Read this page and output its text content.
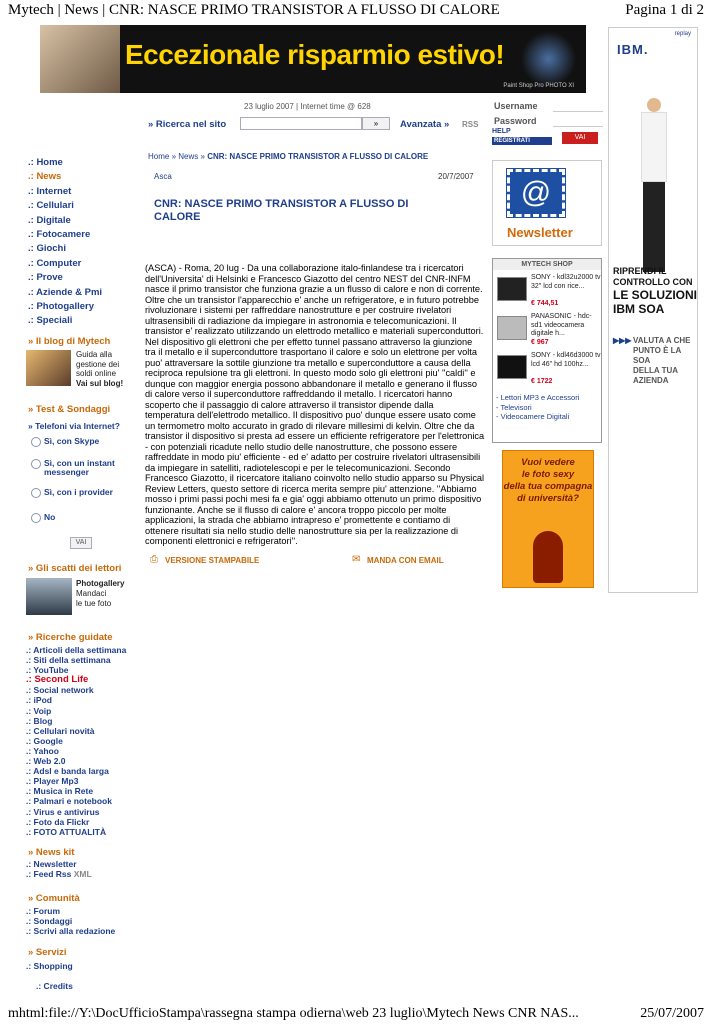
Mytech | News | CNR: NASCE PRIMO TRANSISTOR A FLUSSO DI CALORE	Pagina 1 di 2
Eccezionale risparmio estivo!
Paint Shop Pro PHOTO XI
replay
IBM.
RIPRENDI IL
CONTROLLO CON
LE SOLUZIONI
IBM SOA
▶▶▶ VALUTA A CHE
PUNTO È LA SOA
DELLA TUA
AZIENDA
23 luglio 2007 | Internet time @ 628
» Ricerca nel sito	»	Avanzata » RSS
Username
Password
HELP
REGISTRATI	VAI
Home » News » CNR: NASCE PRIMO TRANSISTOR A FLUSSO DI CALORE
Asca	20/7/2007
CNR: NASCE PRIMO TRANSISTOR A FLUSSO DI CALORE
(ASCA) - Roma, 20 lug - Da una collaborazione italo-finlandese tra i ricercatori dell'Universita' di Helsinki e Francesco Giazotto del centro NEST del CNR-INFM nasce il primo transistor che funziona grazie a un flusso di calore e non di corrente. Oltre che un transistor l'apparecchio e' anche un refrigeratore, e in futuro potrebbe rivoluzionare i sistemi per raffreddare nanostrutture e per costruire rivelatori ultrasensibili di radiazione da impiegare in astronomia e telecomunicazioni. Il transistor e' realizzato utilizzando un elettrodo metallico e materiali superconduttori. Nel dispositivo gli elettroni che per effetto tunnel passano attraverso la giunzione tra il metallo e il superconduttore trasportano il calore e solo un elettrone per volta puo' attraversare la sottile giunzione tra metallo e superconduttore a causa della reciproca repulsione tra gli elettroni. In questo modo solo gli elettroni piu' ''caldi'' e dunque con maggior energia possono abbandonare il metallo e generano il flusso di calore verso il superconduttore raffreddando il metallo. I ricercatori hanno scoperto che il passaggio di calore attraverso il transistor dipende dalla temperatura dell'elettrodo metallico. Il dispositivo puo' dunque essere usato come un termometro molto accurato in grado di rilevare millesimi di kelvin. Oltre che da transistor il dispositivo si presta ad essere un efficiente refrigeratore per l'elettronica - con potenziali ricadute nello studio delle nanostrutture, che possono essere raffreddate in modo piu' efficiente - ed e' adatto per costruire rivelatori ultrasensibili da impiegare in satelliti, radiotelescopi e per le telecomunicazioni. Secondo Francesco Giazotto, il ricercatore italiano coinvolto nello studio apparso su Physical Review Letters, questo settore di ricerca merita sempre piu' attenzione. ''Abbiamo mosso i primi passi pochi mesi fa e gia' oggi abbiamo ottenuto un primo dispositivo funzionante. Anche se il flusso di calore e' ancora troppo piccolo per molte applicazioni, la strada che abbiamo intrapreso e' promettente e contiamo di ottenere risultati sia nello studio delle nanostrutture sia per la realizzazione di componenti elettronici e refrigeratori''.
⎙ VERSIONE STAMPABILE	✉ MANDA CON EMAIL
.: Home
.: News
.: Internet
.: Cellulari
.: Digitale
.: Fotocamere
.: Giochi
.: Computer
.: Prove
.: Aziende & Pmi
.: Photogallery
.: Speciali
» Il blog di Mytech
Guida alla
gestione dei
soldi online
Vai sul blog!
» Test & Sondaggi
» Telefoni via Internet?
Sì, con Skype
Sì, con un instant messenger
Sì, con i provider
No
VAI
» Gli scatti dei lettori
Photogallery
Mandaci
le tue foto
» Ricerche guidate
.: Articoli della settimana
.: Siti della settimana
.: YouTube
.: Second Life
.: Social network
.: iPod
.: Voip
.: Blog
.: Cellulari novità
.: Google
.: Yahoo
.: Web 2.0
.: Adsl e banda larga
.: Player Mp3
.: Musica in Rete
.: Palmari e notebook
.: Virus e antivirus
.: Foto da Flickr
.: FOTO ATTUALITÀ
» News kit
.: Newsletter
.: Feed Rss XML
» Comunità
.: Forum
.: Sondaggi
.: Scrivi alla redazione
» Servizi
.: Shopping
.: Credits
@
Newsletter
MYTECH SHOP
SONY - kdl32u2000 tv 32" lcd con rice...
€ 744,51
PANASONIC - hdc-sd1 videocamera digitale h...
€ 967
SONY - kdl46d3000 tv lcd 46" hd 100hz...
€ 1722
- Lettori MP3 e Accessori
- Televisori
- Videocamere Digitali
Vuoi vedere
le foto sexy
della tua compagna
di università?
mhtml:file://Y:\DocUfficioStampa\rassegna stampa odierna\web 23 luglio\Mytech News CNR NAS...	25/07/2007
